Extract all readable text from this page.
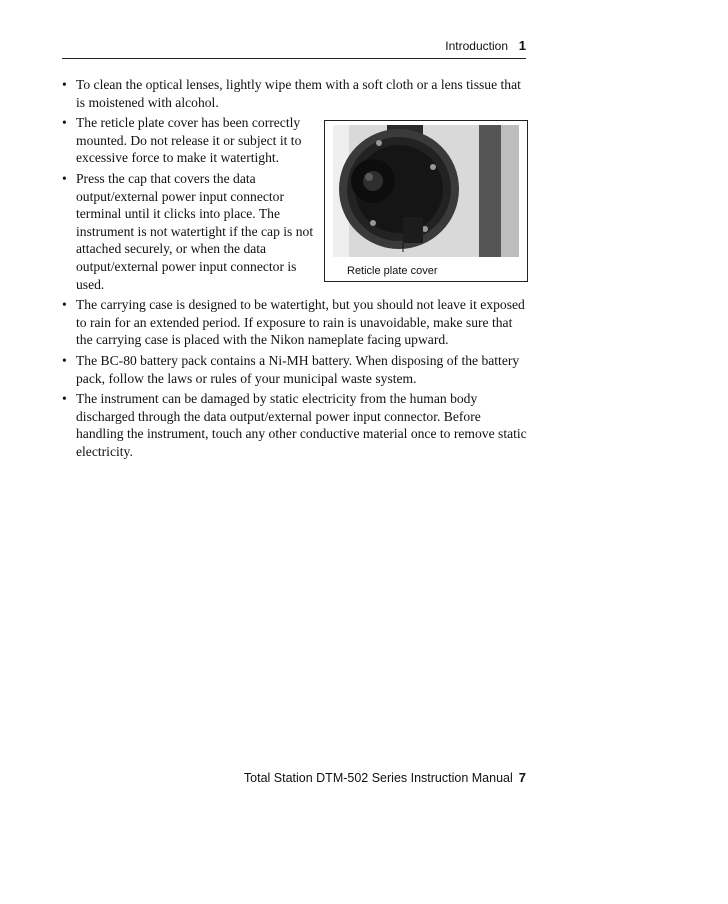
Introduction 1
Reticle plate cover
• To clean the optical lenses, lightly wipe them with a soft cloth or a lens tissue that is moistened with alcohol.
• The reticle plate cover has been correctly mounted. Do not release it or subject it to excessive force to make it watertight.
• Press the cap that covers the data output/external power input connector terminal until it clicks into place. The instrument is not watertight if the cap is not attached securely, or when the data output/external power input connector is used.
• The carrying case is designed to be watertight, but you should not leave it exposed to rain for an extended period. If exposure to rain is unavoidable, make sure that the carrying case is placed with the Nikon nameplate facing upward.
• The BC-80 battery pack contains a Ni-MH battery. When disposing of the battery pack, follow the laws or rules of your municipal waste system.
• The instrument can be damaged by static electricity from the human body discharged through the data output/external power input connector. Before handling the instrument, touch any other conductive material once to remove static electricity.
Total Station DTM-502 Series Instruction Manual 7
